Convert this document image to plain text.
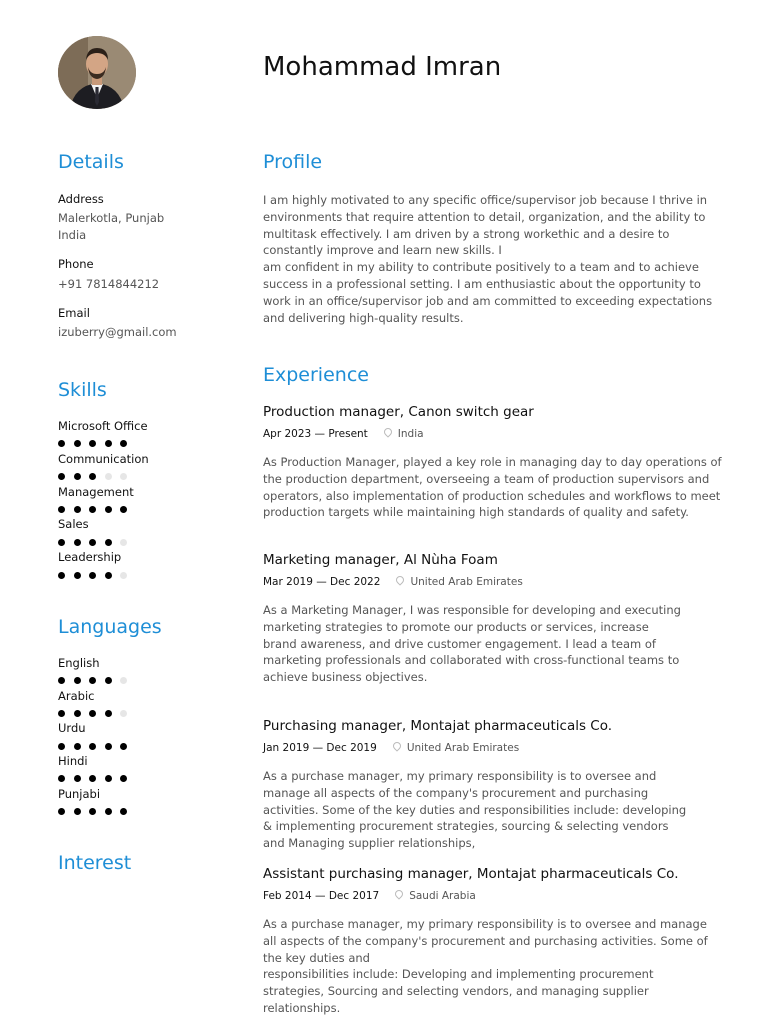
Mohammad Imran
Details
Address
Malerkotla, Punjab
India
Phone
+91 7814844212
Email
izuberry@gmail.com
Skills
Microsoft Office
Communication
Management
Sales
Leadership
Languages
English
Arabic
Urdu
Hindi
Punjabi
Interest
Profile
I am highly motivated to any specific office/supervisor job because I thrive in environments that require attention to detail, organization, and the ability to multitask effectively. I am driven by a strong workethic and a desire to constantly improve and learn new skills. I
am confident in my ability to contribute positively to a team and to achieve success in a professional setting. I am enthusiastic about the opportunity to work in an office/supervisor job and am committed to exceeding expectations and delivering high-quality results.
Experience
Production manager, Canon switch gear
Apr 2023 — Present	India
As Production Manager, played a key role in managing day to day operations of the production department, overseeing a team of production supervisors and operators, also implementation of production schedules and workflows to meet production targets while maintaining high standards of quality and safety.
Marketing manager, Al Nùha Foam
Mar 2019 — Dec 2022	United Arab Emirates
As a Marketing Manager, I was responsible for developing and executing marketing strategies to promote our products or services, increase brand awareness, and drive customer engagement. I lead a team of marketing professionals and collaborated with cross-functional teams to achieve business objectives.
Purchasing manager, Montajat pharmaceuticals Co.
Jan 2019 — Dec 2019	United Arab Emirates
As a purchase manager, my primary responsibility is to oversee and manage all aspects of the company's procurement and purchasing activities. Some of the key duties and responsibilities include: developing & implementing procurement strategies, sourcing & selecting vendors and Managing supplier relationships,
Assistant purchasing manager, Montajat pharmaceuticals Co.
Feb 2014 — Dec 2017	Saudi Arabia
As a purchase manager, my primary responsibility is to oversee and manage all aspects of the company's procurement and purchasing activities. Some of the key duties and
responsibilities include: Developing and implementing procurement strategies, Sourcing and selecting vendors, and managing supplier relationships.
